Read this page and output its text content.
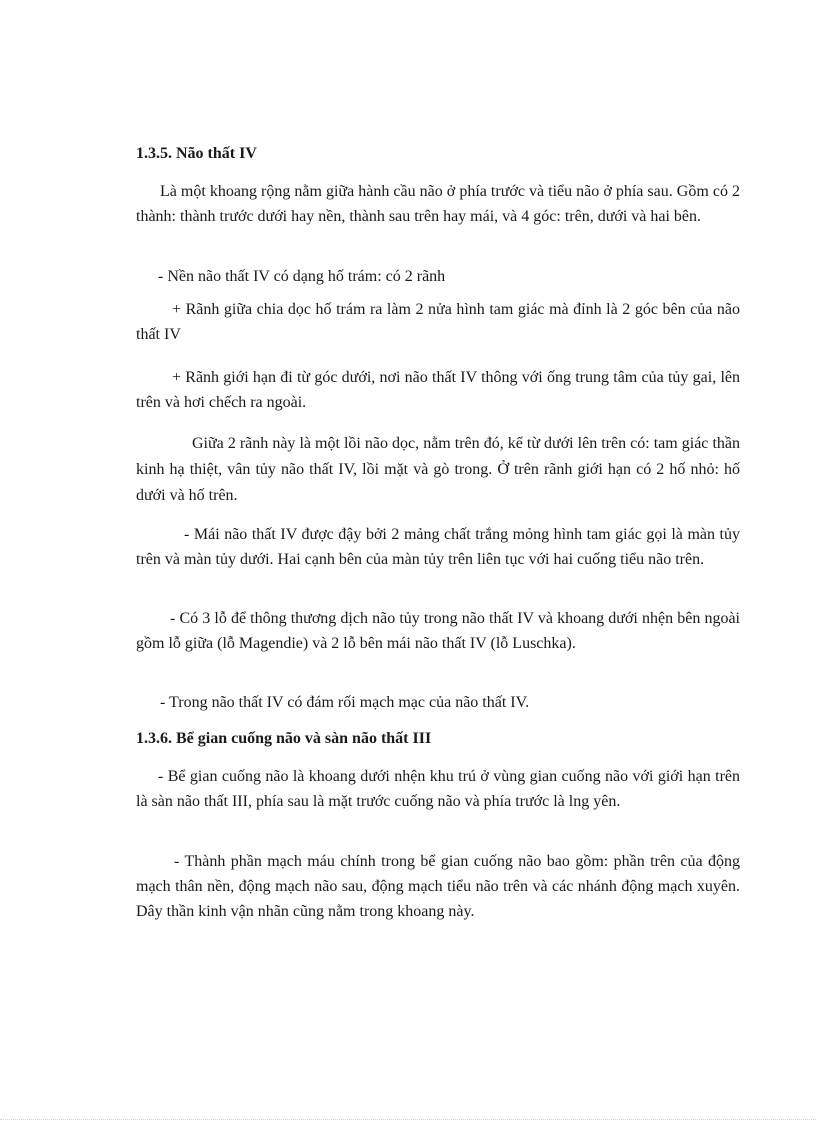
1.3.5. Não thất IV

Là một khoang rộng nằm giữa hành cầu não ở phía trước và tiểu não ở phía sau. Gồm có 2 thành: thành trước dưới hay nền, thành sau trên hay mái, và 4 góc: trên, dưới và hai bên.

- Nền não thất IV có dạng hố trám: có 2 rãnh

+ Rãnh giữa chia dọc hố trám ra làm 2 nửa hình tam giác mà đỉnh là 2 góc bên của não thất IV

+ Rãnh giới hạn đi từ góc dưới, nơi não thất IV thông với ống trung tâm của tủy gai, lên trên và hơi chếch ra ngoài.

Giữa 2 rãnh này là một lồi não dọc, nằm trên đó, kể từ dưới lên trên có: tam giác thần kinh hạ thiệt, vân tủy não thất IV, lồi mặt và gò trong. Ở trên rãnh giới hạn có 2 hố nhỏ: hố dưới và hố trên.

- Mái não thất IV được đậy bởi 2 mảng chất trắng mỏng hình tam giác gọi là màn tủy trên và màn tủy dưới. Hai cạnh bên của màn tủy trên liên tục với hai cuống tiểu não trên.

- Có 3 lỗ để thông thương dịch não tủy trong não thất IV và khoang dưới nhện bên ngoài gồm lỗ giữa (lỗ Magendie) và 2 lỗ bên mái não thất IV (lỗ Luschka).

- Trong não thất IV có đám rối mạch mạc của não thất IV.

1.3.6. Bể gian cuống não và sàn não thất III

- Bể gian cuống não là khoang dưới nhện khu trú ở vùng gian cuống não với giới hạn trên là sàn não thất III, phía sau là mặt trước cuống não và phía trước là lng yên.

- Thành phần mạch máu chính trong bể gian cuống não bao gồm: phần trên của động mạch thân nền, động mạch não sau, động mạch tiểu não trên và các nhánh động mạch xuyên. Dây thần kinh vận nhãn cũng nằm trong khoang này.
